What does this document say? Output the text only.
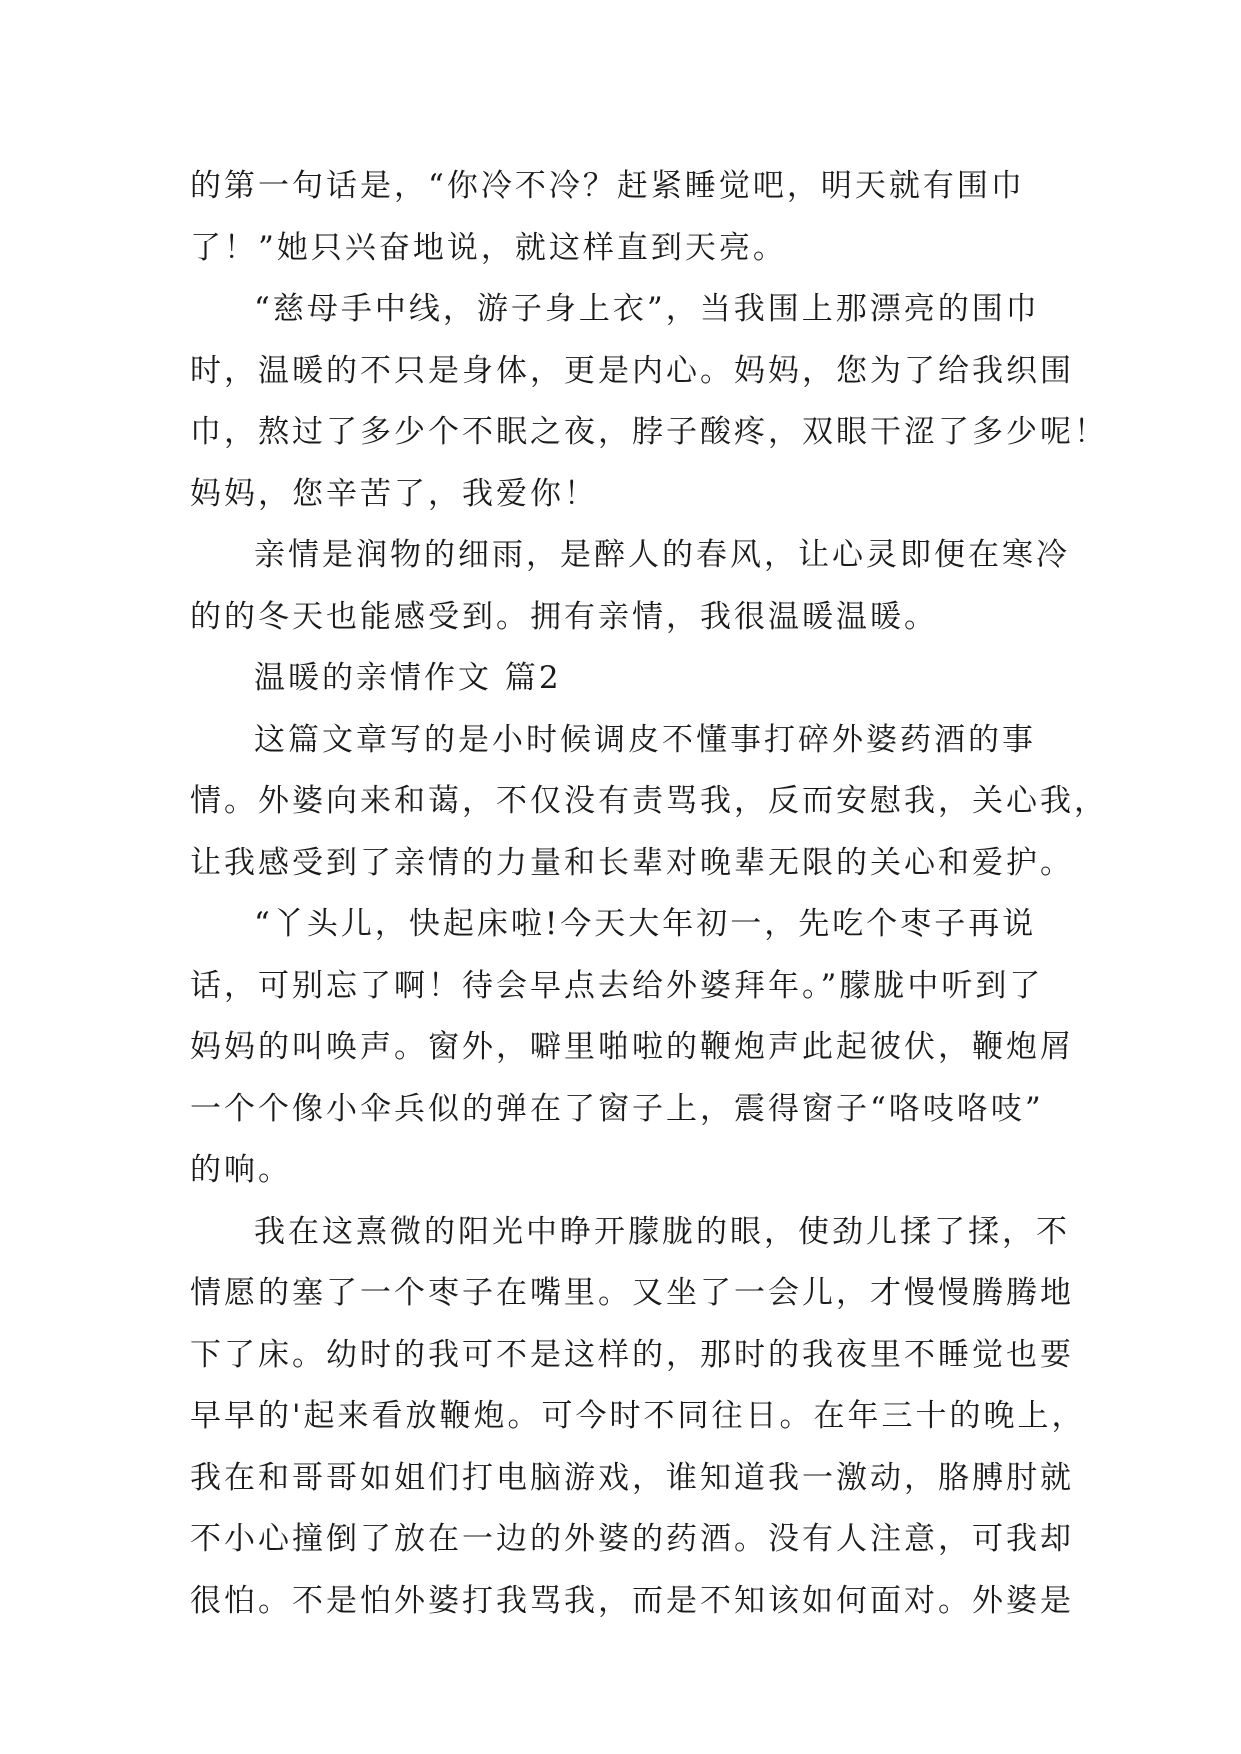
的第一句话是，“你冷不冷？赶紧睡觉吧，明天就有围巾
了！”她只兴奋地说，就这样直到天亮。
“慈母手中线，游子身上衣”，当我围上那漂亮的围巾
时，温暖的不只是身体，更是内心。妈妈，您为了给我织围
巾，熬过了多少个不眠之夜，脖子酸疼，双眼干涩了多少呢！
妈妈，您辛苦了，我爱你！
亲情是润物的细雨，是醉人的春风，让心灵即便在寒冷
的的冬天也能感受到。拥有亲情，我很温暖温暖。
温暖的亲情作文 篇2
这篇文章写的是小时候调皮不懂事打碎外婆药酒的事
情。外婆向来和蔼，不仅没有责骂我，反而安慰我，关心我，
让我感受到了亲情的力量和长辈对晚辈无限的关心和爱护。
“丫头儿，快起床啦!今天大年初一，先吃个枣子再说
话，可别忘了啊！待会早点去给外婆拜年。”朦胧中听到了
妈妈的叫唤声。窗外，噼里啪啦的鞭炮声此起彼伏，鞭炮屑
一个个像小伞兵似的弹在了窗子上，震得窗子“咯吱咯吱”
的响。
我在这熹微的阳光中睁开朦胧的眼，使劲儿揉了揉，不
情愿的塞了一个枣子在嘴里。又坐了一会儿，才慢慢腾腾地
下了床。幼时的我可不是这样的，那时的我夜里不睡觉也要
早早的'起来看放鞭炮。可今时不同往日。在年三十的晚上，
我在和哥哥如姐们打电脑游戏，谁知道我一激动，胳膊肘就
不小心撞倒了放在一边的外婆的药酒。没有人注意，可我却
很怕。不是怕外婆打我骂我，而是不知该如何面对。外婆是
